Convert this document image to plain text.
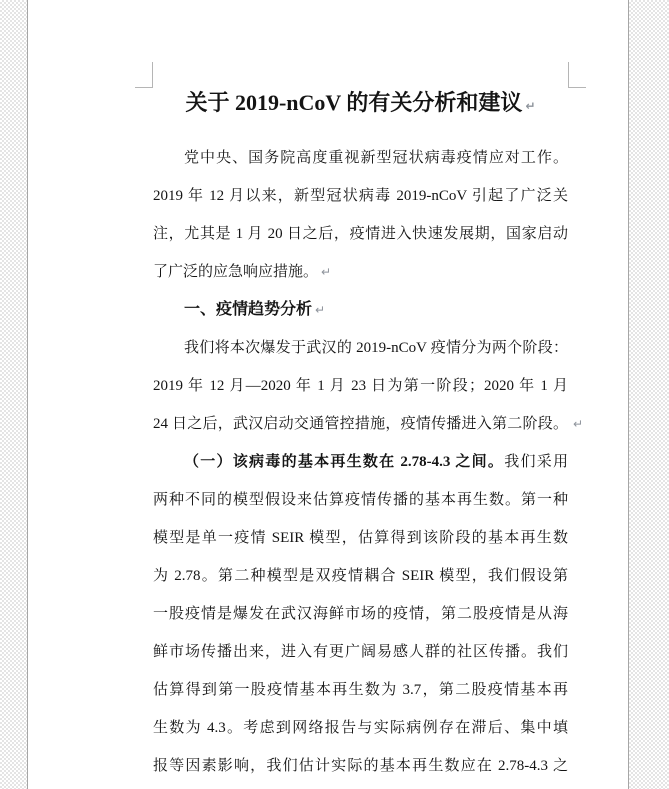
关于 2019-nCoV 的有关分析和建议 ↵
党中央、国务院高度重视新型冠状病毒疫情应对工作。
2019 年 12 月以来，新型冠状病毒 2019-nCoV 引起了广泛关
注，尤其是 1 月 20 日之后，疫情进入快速发展期，国家启动
了广泛的应急响应措施。 ↵
一、疫情趋势分析 ↵
我们将本次爆发于武汉的 2019-nCoV 疫情分为两个阶段：
2019 年 12 月—2020 年 1 月 23 日为第一阶段；2020 年 1 月
24 日之后，武汉启动交通管控措施，疫情传播进入第二阶段。 ↵
（一）该病毒的基本再生数在 2.78-4.3 之间。我们采用
两种不同的模型假设来估算疫情传播的基本再生数。第一种
模型是单一疫情 SEIR 模型，估算得到该阶段的基本再生数
为 2.78。第二种模型是双疫情耦合 SEIR 模型，我们假设第
一股疫情是爆发在武汉海鲜市场的疫情，第二股疫情是从海
鲜市场传播出来，进入有更广阔易感人群的社区传播。我们
估算得到第一股疫情基本再生数为 3.7，第二股疫情基本再
生数为 4.3。考虑到网络报告与实际病例存在滞后、集中填
报等因素影响，我们估计实际的基本再生数应在 2.78-4.3 之
